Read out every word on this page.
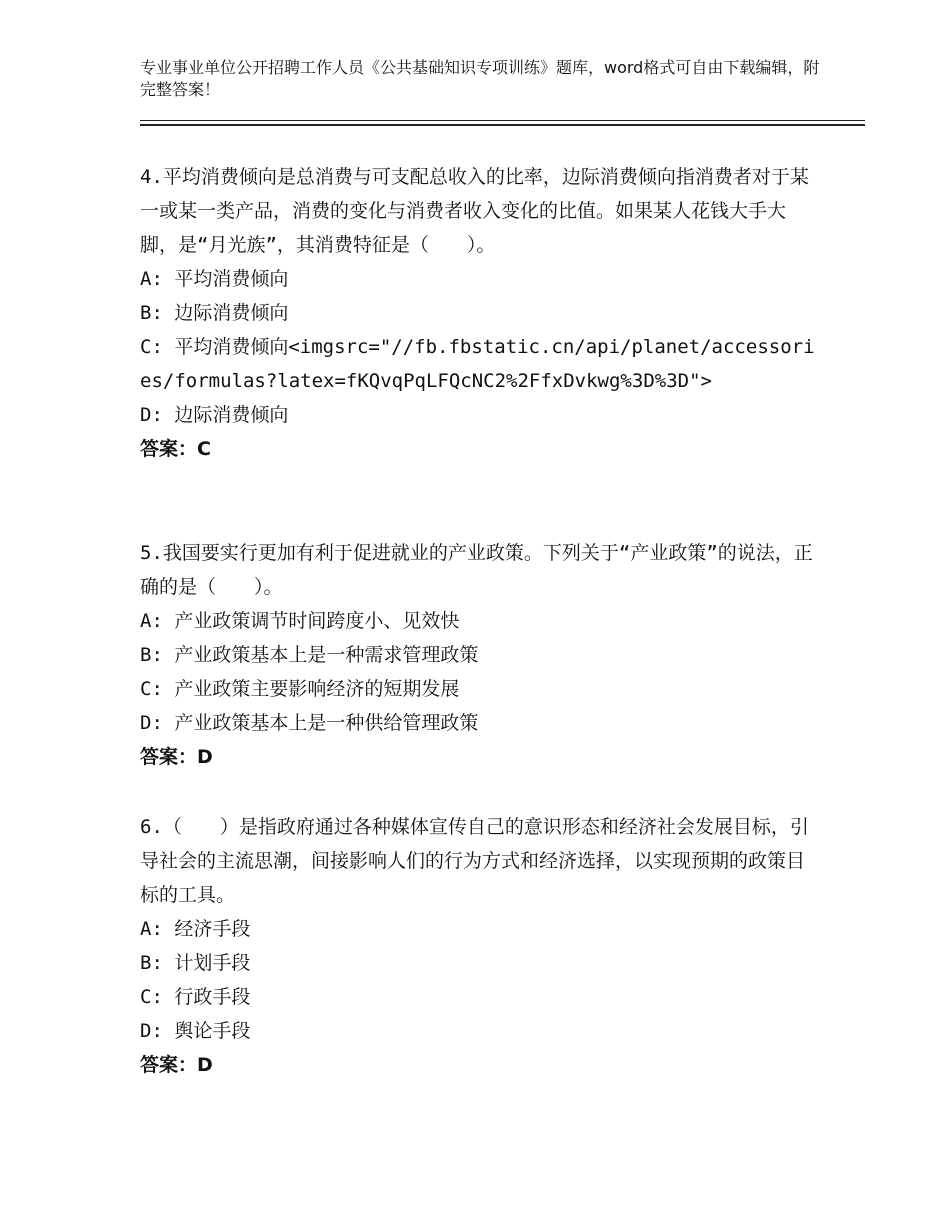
专业事业单位公开招聘工作人员《公共基础知识专项训练》题库，word格式可自由下载编辑，附完整答案！

4.平均消费倾向是总消费与可支配总收入的比率，边际消费倾向指消费者对于某一或某一类产品，消费的变化与消费者收入变化的比值。如果某人花钱大手大脚，是“月光族”，其消费特征是（　　）。

A: 平均消费倾向

B: 边际消费倾向

C: 平均消费倾向<imgsrc="//fb.fbstatic.cn/api/planet/accessories/formulas?latex=fKQvqPqLFQcNC2%2FfxDvkwg%3D%3D">

D: 边际消费倾向

答案：C

5.我国要实行更加有利于促进就业的产业政策。下列关于“产业政策”的说法，正确的是（　　）。

A: 产业政策调节时间跨度小、见效快

B: 产业政策基本上是一种需求管理政策

C: 产业政策主要影响经济的短期发展

D: 产业政策基本上是一种供给管理政策

答案：D

6.（　　）是指政府通过各种媒体宣传自己的意识形态和经济社会发展目标，引导社会的主流思潮，间接影响人们的行为方式和经济选择，以实现预期的政策目标的工具。

A: 经济手段

B: 计划手段

C: 行政手段

D: 舆论手段

答案：D
